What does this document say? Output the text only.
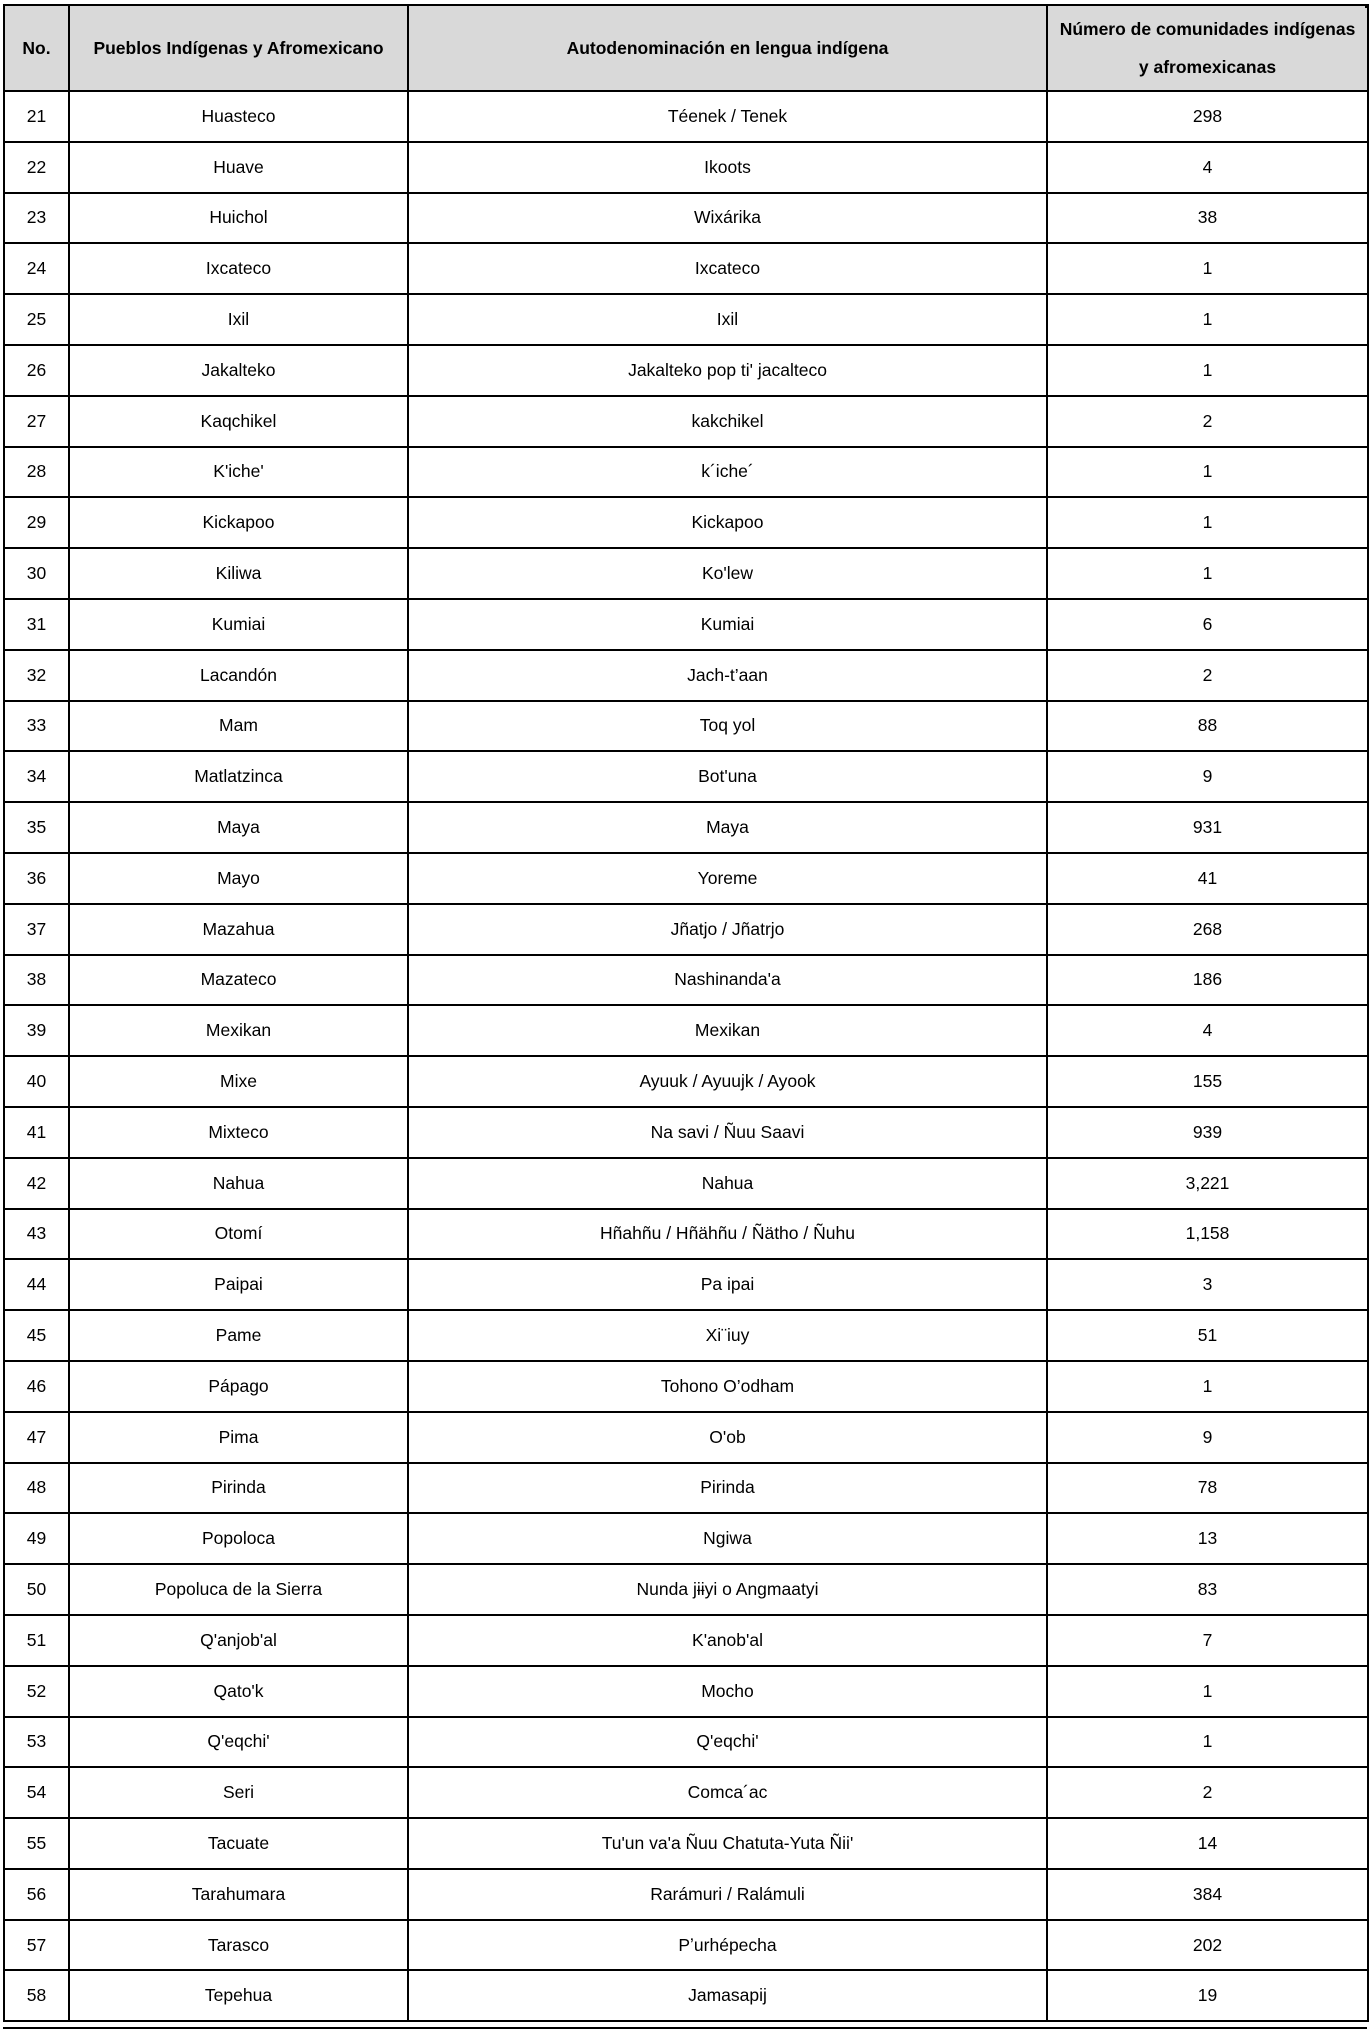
No.	Pueblos Indígenas y Afromexicano	Autodenominación en lengua indígena	Número de comunidades indígenas y afromexicanas
21	Huasteco	Téenek / Tenek	298
22	Huave	Ikoots	4
23	Huichol	Wixárika	38
24	Ixcateco	Ixcateco	1
25	Ixil	Ixil	1
26	Jakalteko	Jakalteko pop ti' jacalteco	1
27	Kaqchikel	kakchikel	2
28	K'iche'	k´iche´	1
29	Kickapoo	Kickapoo	1
30	Kiliwa	Ko'lew	1
31	Kumiai	Kumiai	6
32	Lacandón	Jach-t’aan	2
33	Mam	Toq yol	88
34	Matlatzinca	Bot'una	9
35	Maya	Maya	931
36	Mayo	Yoreme	41
37	Mazahua	Jñatjo / Jñatrjo	268
38	Mazateco	Nashinanda'a	186
39	Mexikan	Mexikan	4
40	Mixe	Ayuuk / Ayuujk / Ayook	155
41	Mixteco	Na savi / Ñuu Saavi	939
42	Nahua	Nahua	3,221
43	Otomí	Hñahñu / Hñähñu / Ñätho / Ñuhu	1,158
44	Paipai	Pa ipai	3
45	Pame	Xi¨iuy	51
46	Pápago	Tohono O’odham	1
47	Pima	O'ob	9
48	Pirinda	Pirinda	78
49	Popoloca	Ngiwa	13
50	Popoluca de la Sierra	Nunda jɨɨyi o Angmaatyi	83
51	Q'anjob'al	K'anob'al	7
52	Qato'k	Mocho	1
53	Q'eqchi'	Q'eqchi'	1
54	Seri	Comca´ac	2
55	Tacuate	Tu'un va'a Ñuu Chatuta-Yuta Ñii'	14
56	Tarahumara	Rarámuri / Ralámuli	384
57	Tarasco	Pʼurhépecha	202
58	Tepehua	Jamasapij	19
